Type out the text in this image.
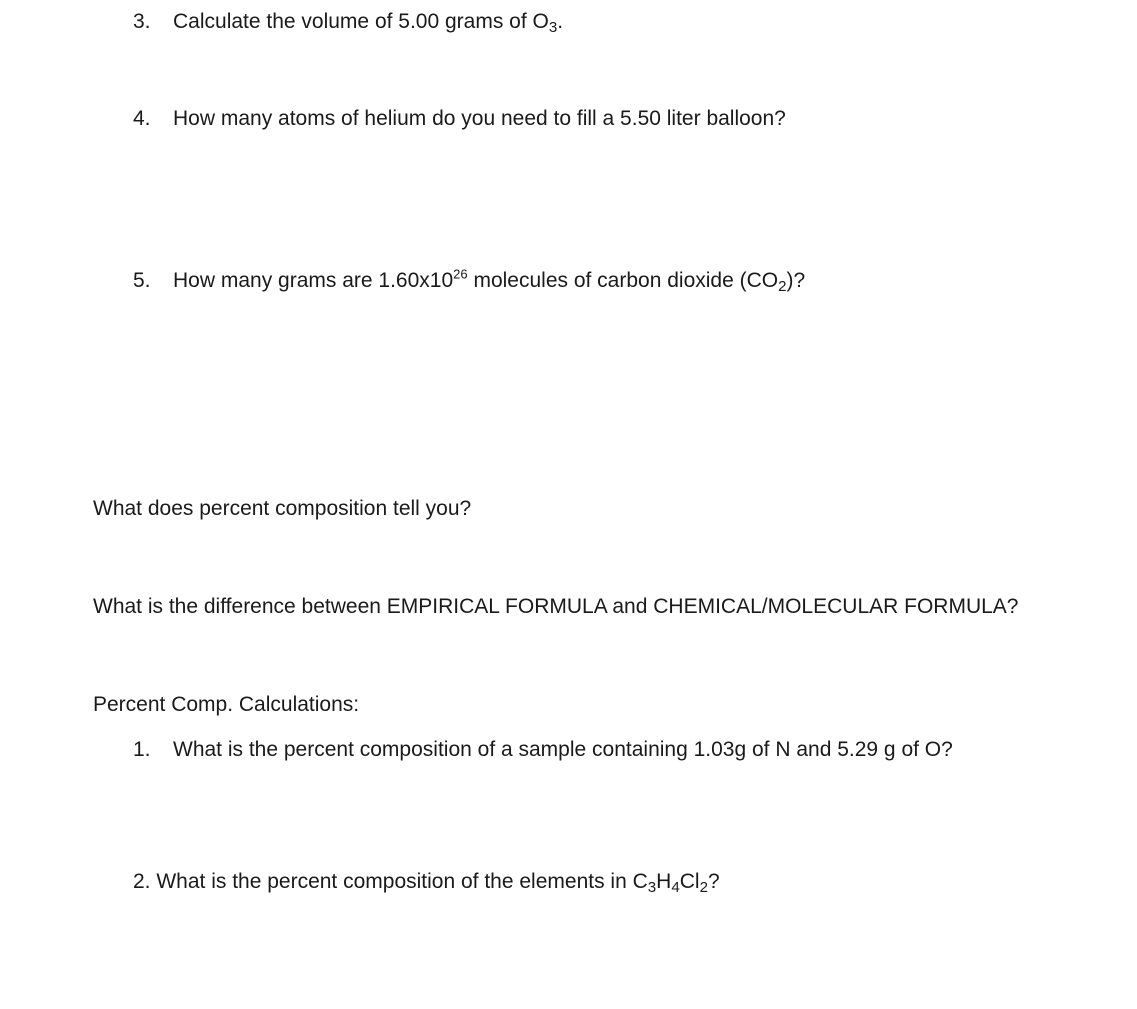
3. Calculate the volume of 5.00 grams of $O_3$.
4. How many atoms of helium do you need to fill a 5.50 liter balloon?
5. How many grams are $1.60x10^{26}$ molecules of carbon dioxide $(CO_2)$?
What does percent composition tell you?
What is the difference between EMPIRICAL FORMULA and CHEMICAL/MOLECULAR FORMULA?
Percent Comp. Calculations:
1. What is the percent composition of a sample containing 1.03g of N and 5.29 g of O?
2. What is the percent composition of the elements in $C_3H_4Cl_2$?
